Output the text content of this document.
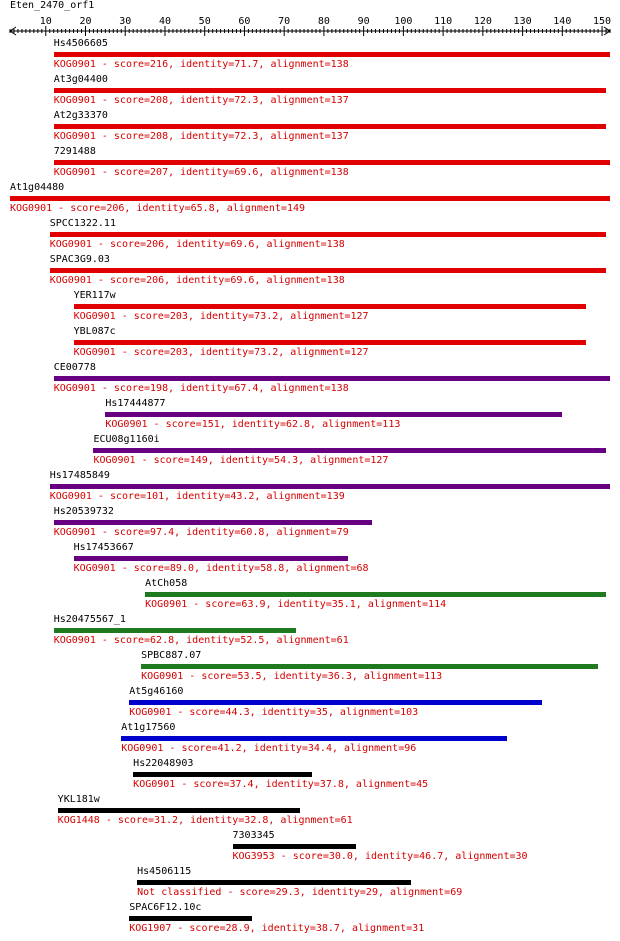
Eten_2470_orf1
10	20	30	40	50	60	70	80	90 100 110 120 130 140 150
Hs4506605
KOG0901 - score=216, identity=71.7, alignment=138
At3g04400
KOG0901 - score=208, identity=72.3, alignment=137
At2g33370
KOG0901 - score=208, identity=72.3, alignment=137
7291488
KOG0901 - score=207, identity=69.6, alignment=138
At1g04480
KOG0901 - score=206, identity=65.8, alignment=149
SPCC1322.11
KOG0901 - score=206, identity=69.6, alignment=138
SPAC3G9.03
KOG0901 - score=206, identity=69.6, alignment=138
YER117w
KOG0901 - score=203, identity=73.2, alignment=127
YBL087c
KOG0901 - score=203, identity=73.2, alignment=127
CE00778
KOG0901 - score=198, identity=67.4, alignment=138
Hs17444877
KOG0901 - score=151, identity=62.8, alignment=113
ECU08g1160i
KOG0901 - score=149, identity=54.3, alignment=127
Hs17485849
KOG0901 - score=101, identity=43.2, alignment=139
Hs20539732
KOG0901 - score=97.4, identity=60.8, alignment=79
Hs17453667
KOG0901 - score=89.0, identity=58.8, alignment=68
AtCh058
KOG0901 - score=63.9, identity=35.1, alignment=114
Hs20475567_1
KOG0901 - score=62.8, identity=52.5, alignment=61
SPBC887.07
KOG0901 - score=53.5, identity=36.3, alignment=113
At5g46160
KOG0901 - score=44.3, identity=35, alignment=103
At1g17560
KOG0901 - score=41.2, identity=34.4, alignment=96
Hs22048903
KOG0901 - score=37.4, identity=37.8, alignment=45
YKL181w
KOG1448 - score=31.2, identity=32.8, alignment=61
7303345
KOG3953 - score=30.0, identity=46.7, alignment=30
Hs4506115
Not classified - score=29.3, identity=29, alignment=69
SPAC6F12.10c
KOG1907 - score=28.9, identity=38.7, alignment=31
